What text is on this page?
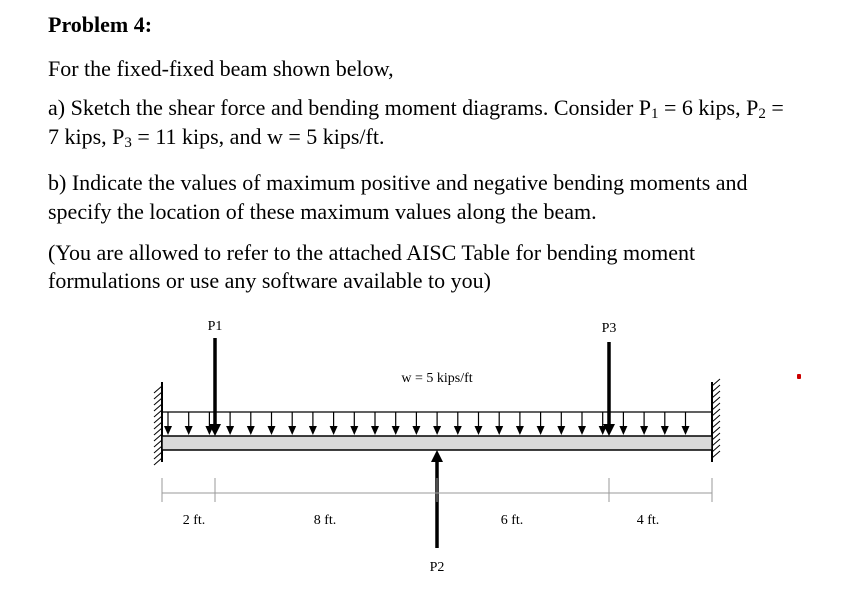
Problem 4:
For the fixed-fixed beam shown below,
a) Sketch the shear force and bending moment diagrams. Consider $P_1 = 6$ kips, $P_2$ =
7 kips, $P_3 = 11$ kips, and w = 5 kips/ft.
b) Indicate the values of maximum positive and negative bending moments and
specify the location of these maximum values along the beam.
(You are allowed to refer to the attached AISC Table for bending moment
formulations or use any software available to you)
w = 5 kips/ft
P1	P3
P2
2 ft.	8 ft.	6 ft.	4 ft.
